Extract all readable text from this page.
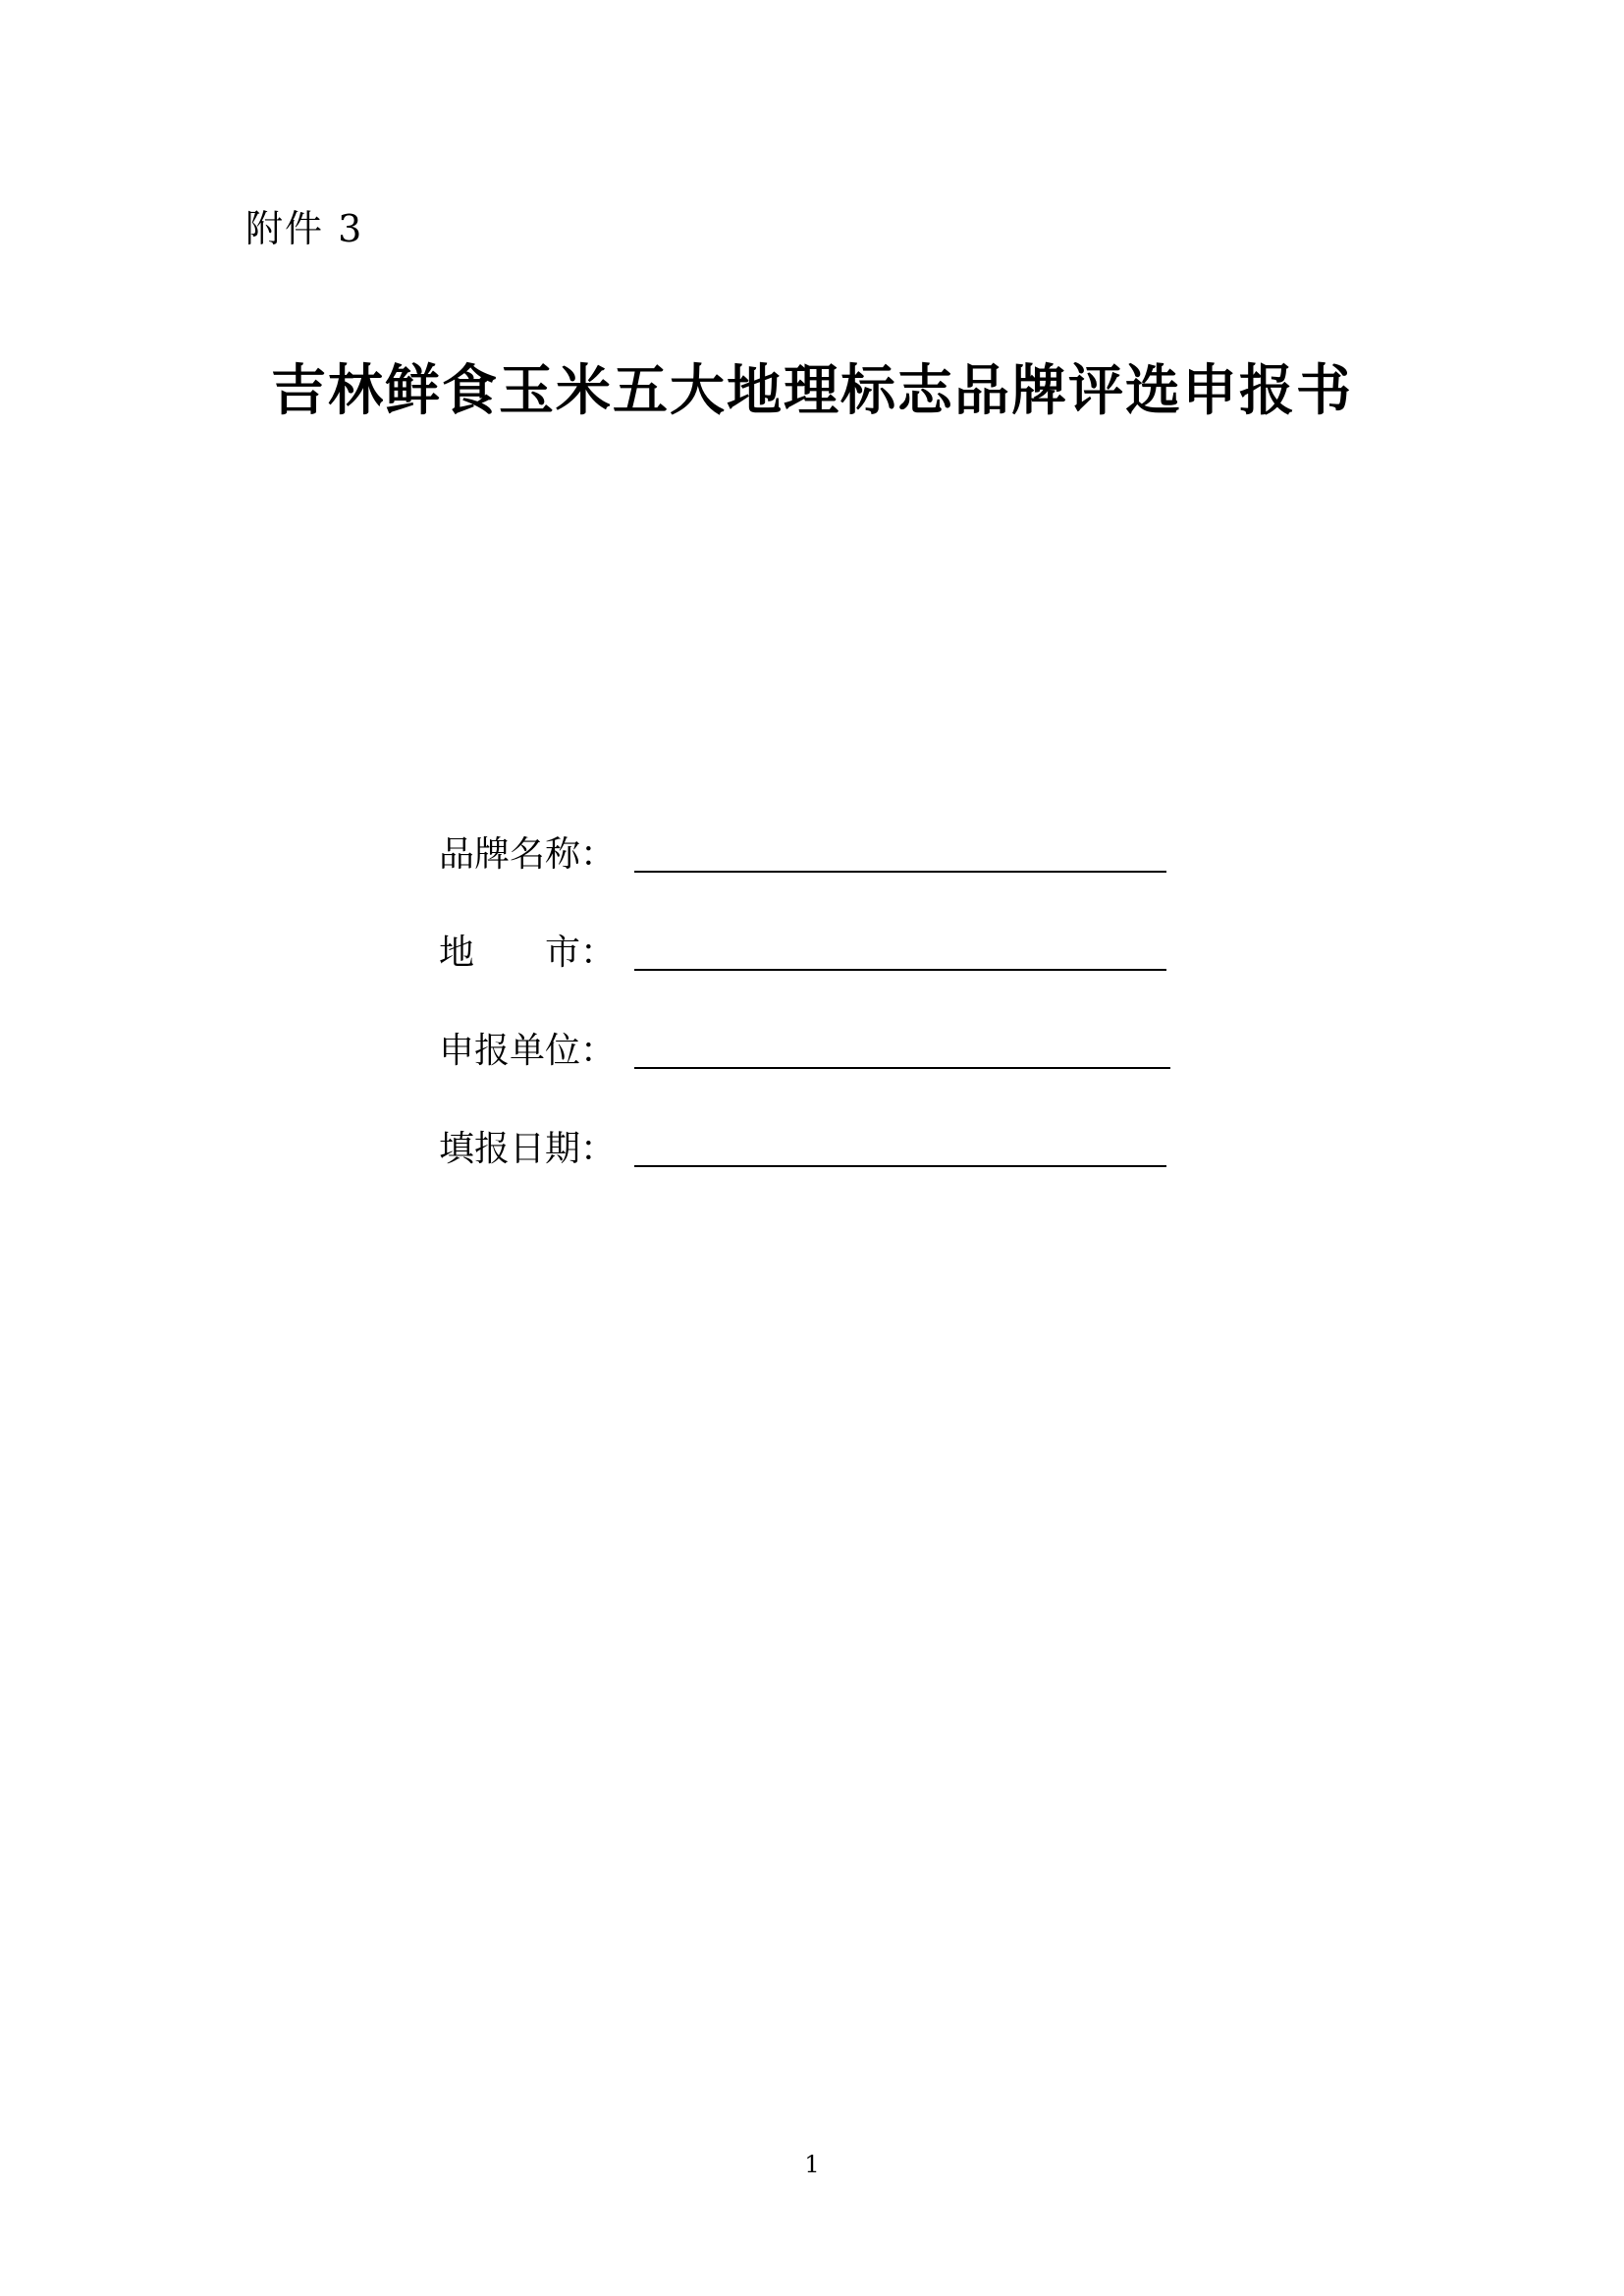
附件 3
吉林鲜食玉米五大地理标志品牌评选申报书
品牌名称：
地　　市：
申报单位：
填报日期：
1
